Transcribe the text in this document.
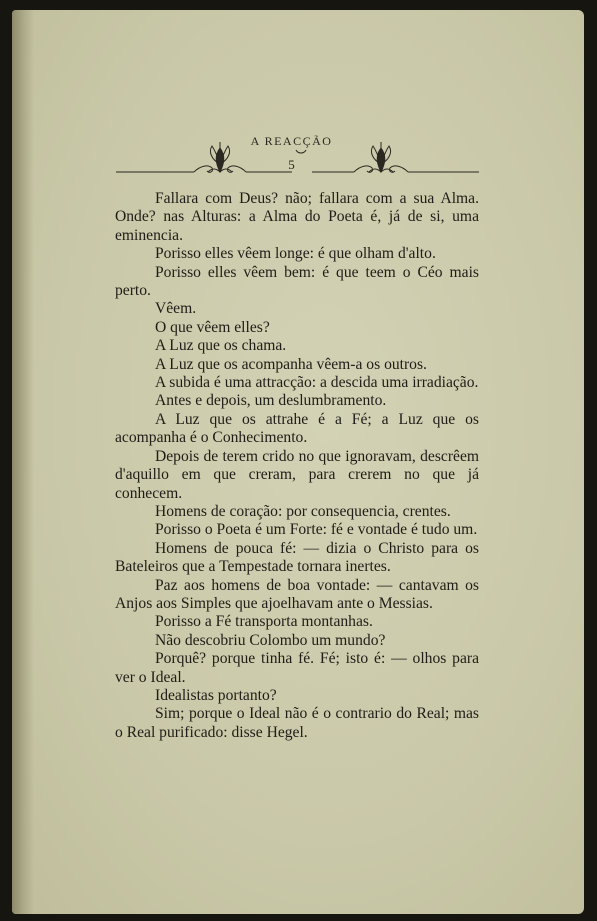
A REACÇÃO
5

Fallara com Deus? não; fallara com a sua Alma. Onde? nas Alturas: a Alma do Poeta é, já de si, uma eminencia.

Porisso elles vêem longe: é que olham d'alto.

Porisso elles vêem bem: é que teem o Céo mais perto.

Vêem.

O que vêem elles?

A Luz que os chama.

A Luz que os acompanha vêem-a os outros.

A subida é uma attracção: a descida uma irradiação.

Antes e depois, um deslumbramento.

A Luz que os attrahe é a Fé; a Luz que os acompanha é o Conhecimento.

Depois de terem crido no que ignoravam, descrêem d'aquillo em que creram, para crerem no que já conhecem.

Homens de coração: por consequencia, crentes.

Porisso o Poeta é um Forte: fé e vontade é tudo um.

Homens de pouca fé: — dizia o Christo para os Bateleiros que a Tempestade tornara inertes.

Paz aos homens de boa vontade: — cantavam os Anjos aos Simples que ajoelhavam ante o Messias.

Porisso a Fé transporta montanhas.

Não descobriu Colombo um mundo?

Porquê? porque tinha fé. Fé; isto é: — olhos para ver o Ideal.

Idealistas portanto?

Sim; porque o Ideal não é o contrario do Real; mas o Real purificado: disse Hegel.
